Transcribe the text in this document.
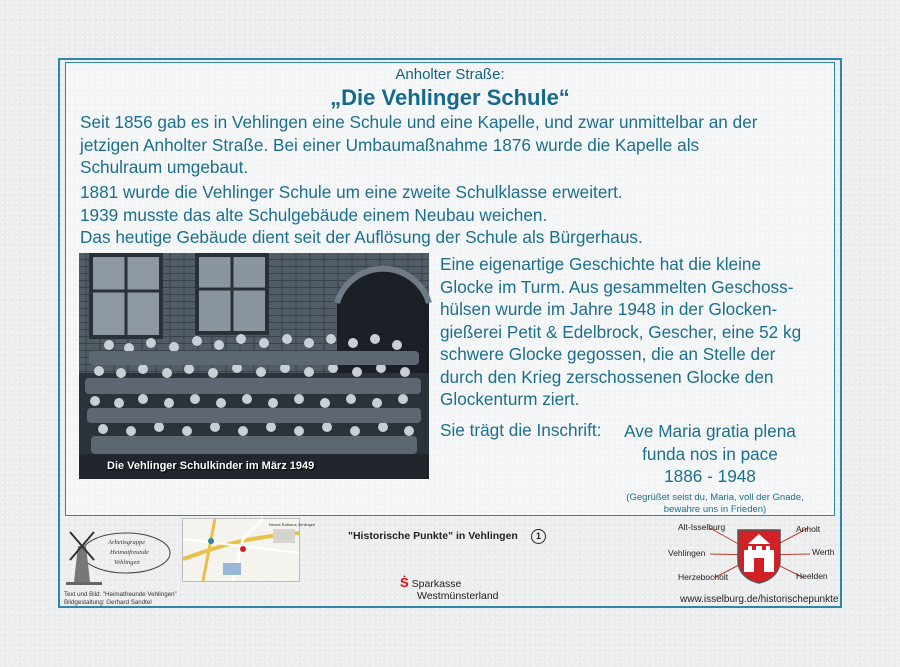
Anholter Straße:
„Die Vehlinger Schule“
Seit 1856 gab es in Vehlingen eine Schule und eine Kapelle, und zwar unmittelbar an der jetzigen Anholter Straße. Bei einer Umbaumaßnahme 1876 wurde die Kapelle als Schulraum umgebaut.
1881 wurde die Vehlinger Schule um eine zweite Schulklasse erweitert.
1939 musste das alte Schulgebäude einem Neubau weichen.
Das heutige Gebäude dient seit der Auflösung der Schule als Bürgerhaus.
Die Vehlinger Schulkinder im März 1949
Eine eigenartige Geschichte hat die kleine
Glocke im Turm. Aus gesammelten Geschoss-
hülsen wurde im Jahre 1948 in der Glocken-
gießerei Petit & Edelbrock, Gescher, eine 52 kg
schwere Glocke gegossen, die an Stelle der
durch den Krieg zerschossenen Glocke den
Glockenturm ziert.
Sie trägt die Inschrift:	Ave Maria gratia plena
funda nos in pace
1886 - 1948
(Gegrüßet seist du, Maria, voll der Gnade,
bewahre uns in Frieden)
Arbeitsgruppe
Heimatfreunde
Vehlingen
Text und Bild: "Heimatfreunde Vehlingen"
Bildgestaltung: Gerhard Sandtel
Neues Rathaus Vehlingen
"Historische Punkte" in Vehlingen	1
Ṡ Sparkasse
Westmünsterland
Alt-Isselburg	Anholt
Vehlingen	Werth
Herzebocholt	Heelden
www.isselburg.de/historischepunkte
